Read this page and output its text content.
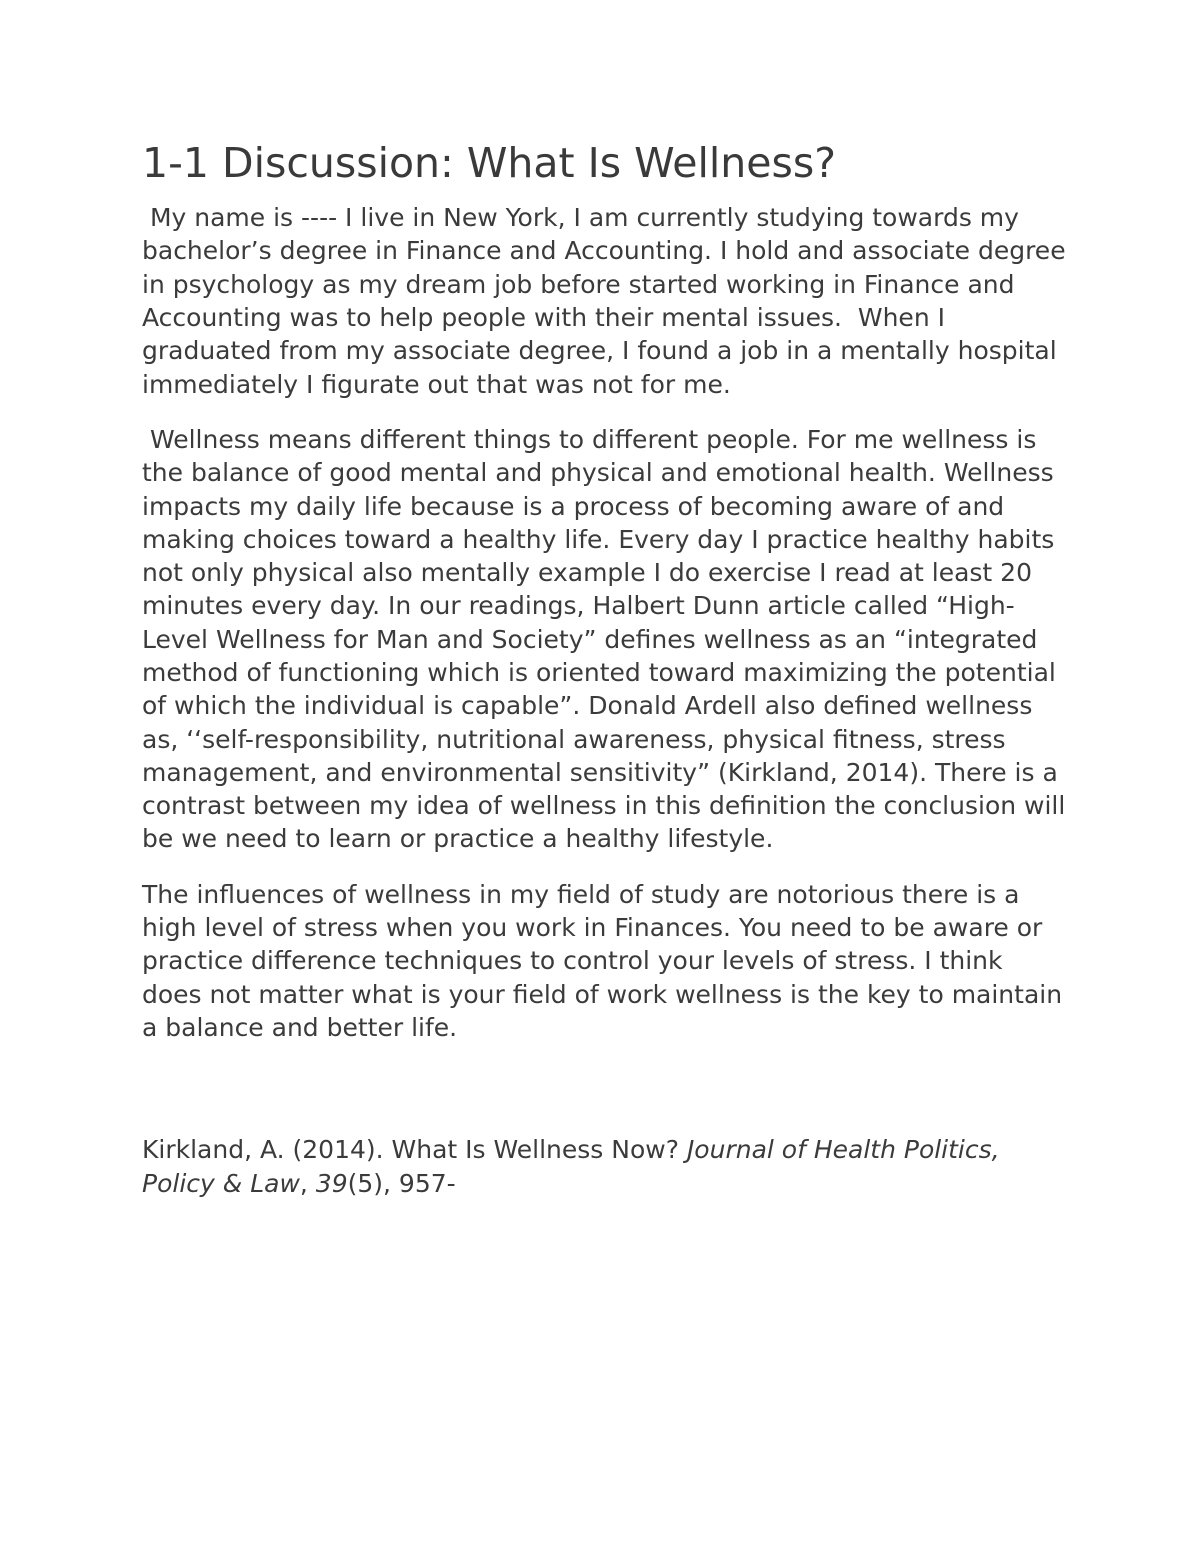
1-1 Discussion: What Is Wellness?

My name is ---- I live in New York, I am currently studying towards my bachelor’s degree in Finance and Accounting. I hold and associate degree in psychology as my dream job before started working in Finance and Accounting was to help people with their mental issues.  When I graduated from my associate degree, I found a job in a mentally hospital immediately I figurate out that was not for me.

Wellness means different things to different people. For me wellness is the balance of good mental and physical and emotional health. Wellness impacts my daily life because is a process of becoming aware of and making choices toward a healthy life. Every day I practice healthy habits not only physical also mentally example I do exercise I read at least 20 minutes every day. In our readings, Halbert Dunn article called “High-Level Wellness for Man and Society” defines wellness as an “integrated method of functioning which is oriented toward maximizing the potential of which the individual is capable”. Donald Ardell also defined wellness as, ‘‘self-responsibility, nutritional awareness, physical fitness, stress management, and environmental sensitivity” (Kirkland, 2014). There is a contrast between my idea of wellness in this definition the conclusion will be we need to learn or practice a healthy lifestyle.

The influences of wellness in my field of study are notorious there is a high level of stress when you work in Finances. You need to be aware or practice difference techniques to control your levels of stress. I think does not matter what is your field of work wellness is the key to maintain a balance and better life.

Kirkland, A. (2014). What Is Wellness Now? Journal of Health Politics, Policy & Law, 39(5), 957-
